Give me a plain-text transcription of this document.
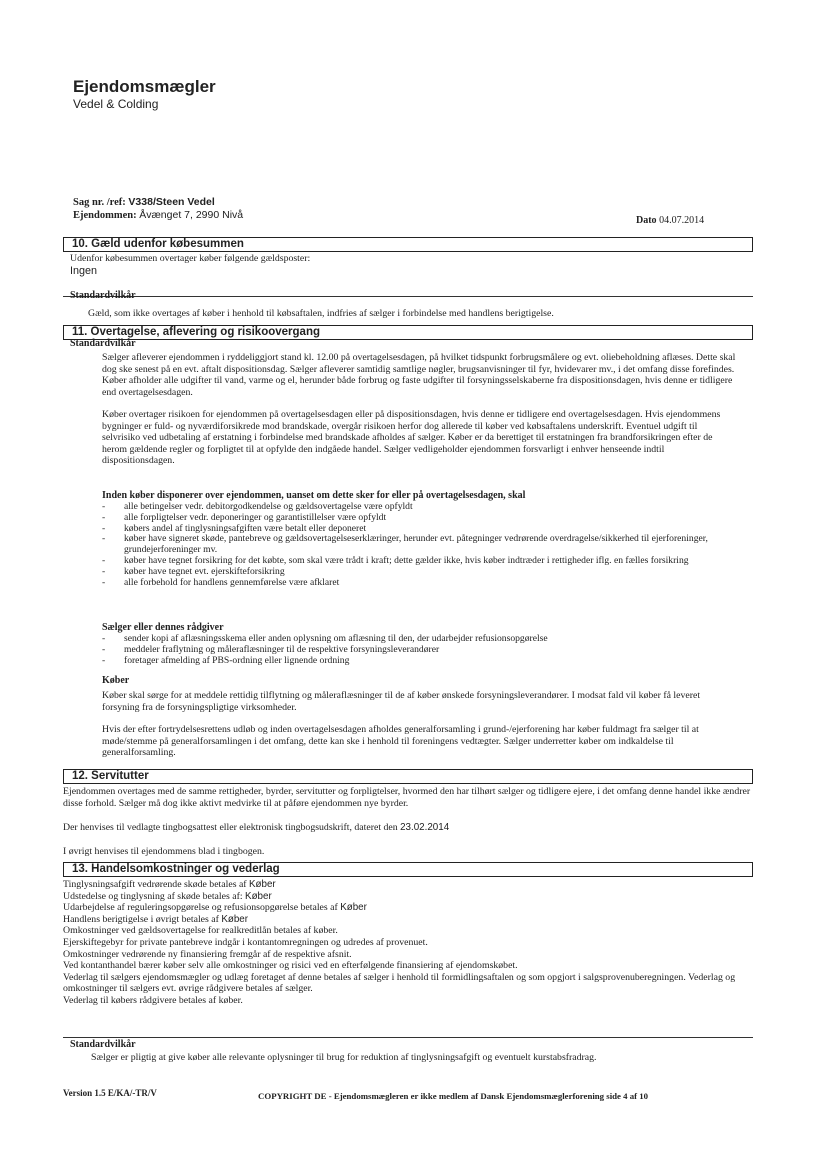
Ejendomsmægler
Vedel & Colding
Sag nr. /ref: V338/Steen Vedel
Ejendommen: Åvænget 7, 2990 Nivå	Dato 04.07.2014
10. Gæld udenfor købesummen
Udenfor købesummen overtager køber følgende gældsposter:
Ingen
Standardvilkår
Gæld, som ikke overtages af køber i henhold til købsaftalen, indfries af sælger i forbindelse med handlens berigtigelse.
11. Overtagelse, aflevering og risikoovergang
Standardvilkår
Sælger afleverer ejendommen i ryddeliggjort stand kl. 12.00 på overtagelsesdagen, på hvilket tidspunkt forbrugsmålere og evt. oliebeholdning aflæses. Dette skal dog ske senest på en evt. aftalt dispositionsdag. Sælger afleverer samtidig samtlige nøgler, brugsanvisninger til fyr, hvidevarer mv., i det omfang disse forefindes. Køber afholder alle udgifter til vand, varme og el, herunder både forbrug og faste udgifter til forsyningsselskaberne fra dispositionsdagen, hvis denne er tidligere end overtagelsesdagen.
Køber overtager risikoen for ejendommen på overtagelsesdagen eller på dispositionsdagen, hvis denne er tidligere end overtagelsesdagen. Hvis ejendommens bygninger er fuld- og nyværdiforsikrede mod brandskade, overgår risikoen herfor dog allerede til køber ved købsaftalens underskrift. Eventuel udgift til selvrisiko ved udbetaling af erstatning i forbindelse med brandskade afholdes af sælger. Køber er da berettiget til erstatningen fra brandforsikringen efter de herom gældende regler og forpligtet til at opfylde den indgåede handel. Sælger vedligeholder ejendommen forsvarligt i enhver henseende indtil dispositionsdagen.
Inden køber disponerer over ejendommen, uanset om dette sker for eller på overtagelsesdagen, skal
- alle betingelser vedr. debitorgodkendelse og gældsovertagelse være opfyldt
- alle forpligtelser vedr. deponeringer og garantistillelser være opfyldt
- købers andel af tinglysningsafgiften være betalt eller deponeret
- køber have signeret skøde, pantebreve og gældsovertagelseserklæringer, herunder evt. påtegninger vedrørende overdragelse/sikkerhed til ejerforeninger, grundejerforeninger mv.
- køber have tegnet forsikring for det købte, som skal være trådt i kraft; dette gælder ikke, hvis køber indtræder i rettigheder iflg. en fælles forsikring
- køber have tegnet evt. ejerskifteforsikring
- alle forbehold for handlens gennemførelse være afklaret
Sælger eller dennes rådgiver
- sender kopi af aflæsningsskema eller anden oplysning om aflæsning til den, der udarbejder refusionsopgørelse
- meddeler fraflytning og måleraflæsninger til de respektive forsyningsleverandører
- foretager afmelding af PBS-ordning eller lignende ordning
Køber
Køber skal sørge for at meddele rettidig tilflytning og måleraflæsninger til de af køber ønskede forsyningsleverandører. I modsat fald vil køber få leveret forsyning fra de forsyningspligtige virksomheder.
Hvis der efter fortrydelsesrettens udløb og inden overtagelsesdagen afholdes generalforsamling i grund-/ejerforening har køber fuldmagt fra sælger til at møde/stemme på generalforsamlingen i det omfang, dette kan ske i henhold til foreningens vedtægter. Sælger underretter køber om indkaldelse til generalforsamling.
12. Servitutter
Ejendommen overtages med de samme rettigheder, byrder, servitutter og forpligtelser, hvormed den har tilhørt sælger og tidligere ejere, i det omfang denne handel ikke ændrer disse forhold. Sælger må dog ikke aktivt medvirke til at påføre ejendommen nye byrder.
Der henvises til vedlagte tingbogsattest eller elektronisk tingbogsudskrift, dateret den 23.02.2014
I øvrigt henvises til ejendommens blad i tingbogen.
13. Handelsomkostninger og vederlag
Tinglysningsafgift vedrørende skøde betales af Køber
Udstedelse og tinglysning af skøde betales af: Køber
Udarbejdelse af reguleringsopgørelse og refusionsopgørelse betales af Køber
Handlens berigtigelse i øvrigt betales af Køber
Omkostninger ved gældsovertagelse for realkreditlån betales af køber.
Ejerskiftegebyr for private pantebreve indgår i kontantomregningen og udredes af provenuet.
Omkostninger vedrørende ny finansiering fremgår af de respektive afsnit.
Ved kontanthandel bærer køber selv alle omkostninger og risici ved en efterfølgende finansiering af ejendomskøbet.
Vederlag til sælgers ejendomsmægler og udlæg foretaget af denne betales af sælger i henhold til formidlingsaftalen og som opgjort i salgsprovenuberegningen. Vederlag og omkostninger til sælgers evt. øvrige rådgivere betales af sælger.
Vederlag til købers rådgivere betales af køber.
Standardvilkår
Sælger er pligtig at give køber alle relevante oplysninger til brug for reduktion af tinglysningsafgift og eventuelt kurstabsfradrag.
Version 1.5 E/KA/-TR/V	COPYRIGHT DE - Ejendomsmægleren er ikke medlem af Dansk Ejendomsmæglerforening side 4 af 10
